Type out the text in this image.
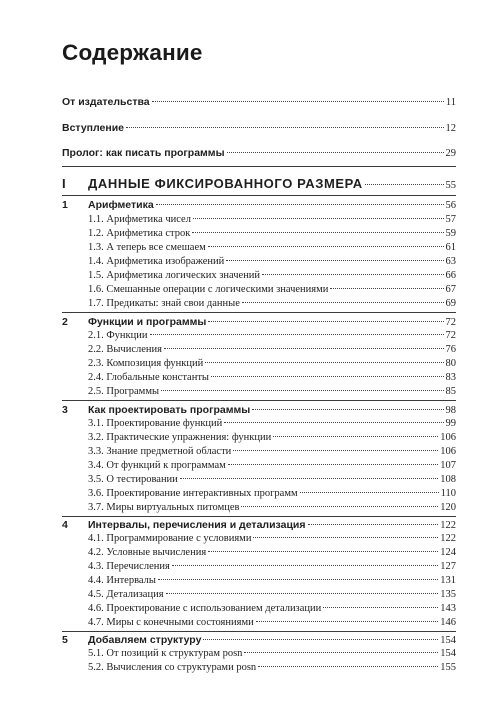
Содержание
От издательства	11
Вступление	12
Пролог: как писать программы	29
I	ДАННЫЕ ФИКСИРОВАННОГО РАЗМЕРА	55
1	Арифметика	56
1.1. Арифметика чисел	57
1.2. Арифметика строк	59
1.3. А теперь все смешаем	61
1.4. Арифметика изображений	63
1.5. Арифметика логических значений	66
1.6. Смешанные операции с логическими значениями	67
1.7. Предикаты: знай свои данные	69
2	Функции и программы	72
2.1. Функции	72
2.2. Вычисления	76
2.3. Композиция функций	80
2.4. Глобальные константы	83
2.5. Программы	85
3	Как проектировать программы	98
3.1. Проектирование функций	99
3.2. Практические упражнения: функции	106
3.3. Знание предметной области	106
3.4. От функций к программам	107
3.5. О тестировании	108
3.6. Проектирование интерактивных программ	110
3.7. Миры виртуальных питомцев	120
4	Интервалы, перечисления и детализация	122
4.1. Программирование с условиями	122
4.2. Условные вычисления	124
4.3. Перечисления	127
4.4. Интервалы	131
4.5. Детализация	135
4.6. Проектирование с использованием детализации	143
4.7. Миры с конечными состояниями	146
5	Добавляем структуру	154
5.1. От позиций к структурам posn	154
5.2. Вычисления со структурами posn	155
